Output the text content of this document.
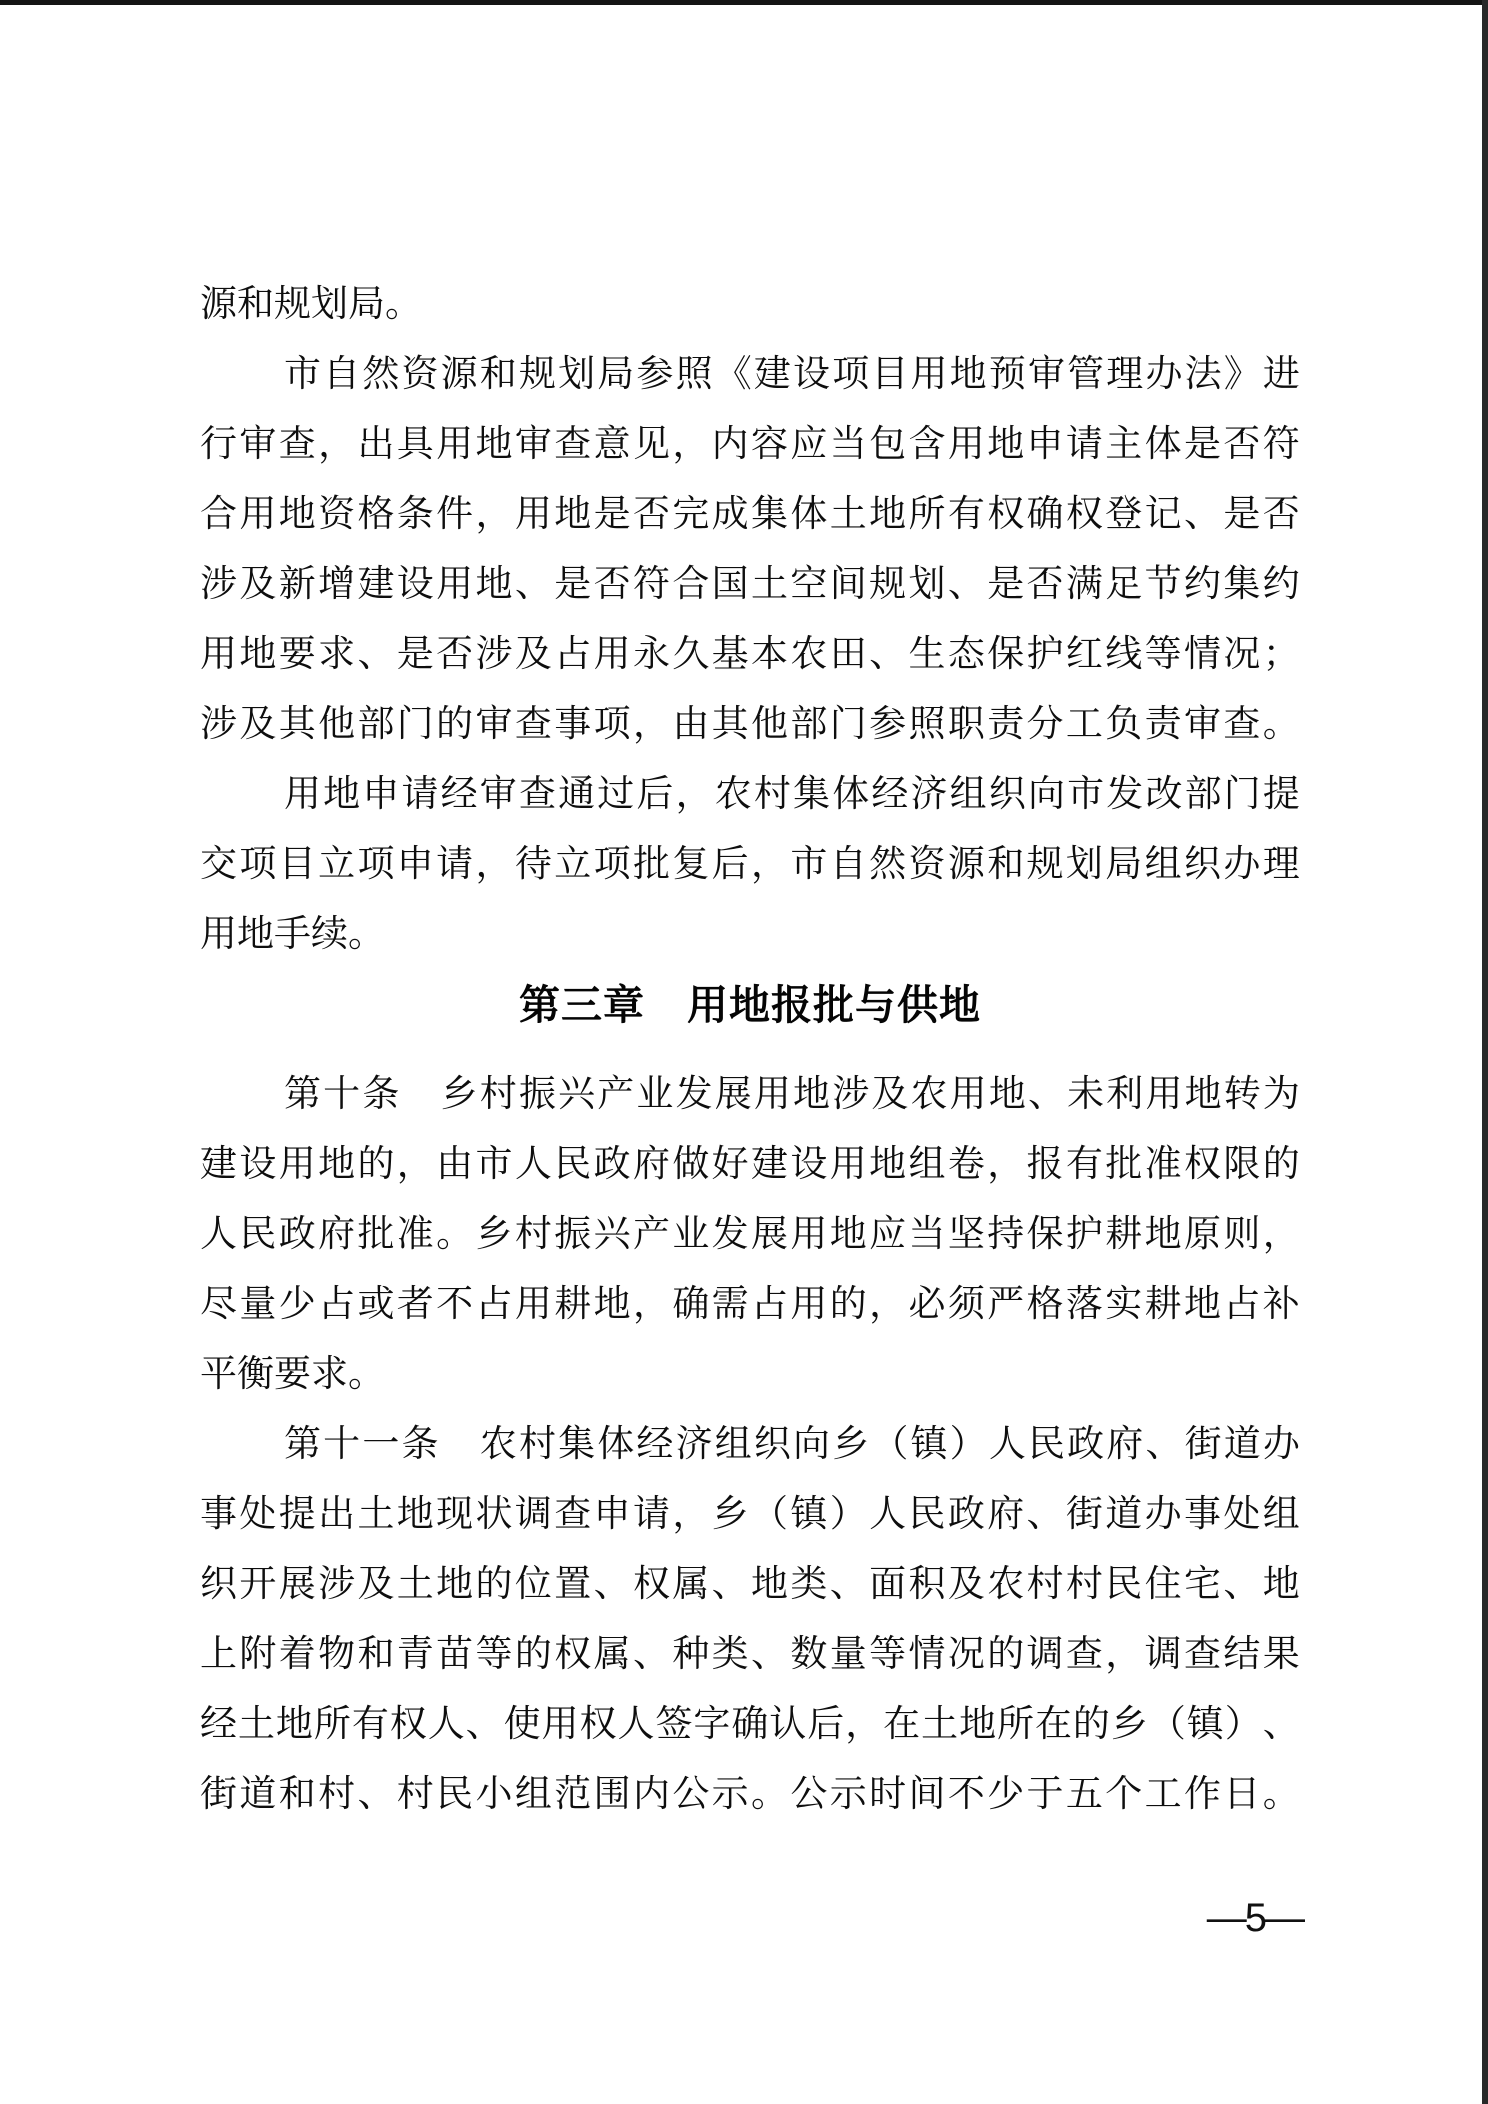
源和规划局。
市 自 然 资 源 和 规 划 局 参 照 《 建 设 项 目 用 地 预 审 管 理 办 法 》 进
行 审 查 ， 出 具 用 地 审 查 意 见 ， 内 容 应 当 包 含 用 地 申 请 主 体 是 否 符
合 用 地 资 格 条 件 ， 用 地 是 否 完 成 集 体 土 地 所 有 权 确 权 登 记 、 是 否
涉 及 新 增 建 设 用 地 、 是 否 符 合 国 土 空 间 规 划 、 是 否 满 足 节 约 集 约
用 地 要 求 、 是 否 涉 及 占 用 永 久 基 本 农 田 、 生 态 保 护 红 线 等 情 况 ；
涉 及 其 他 部 门 的 审 查 事 项 ， 由 其 他 部 门 参 照 职 责 分 工 负 责 审 查 。
用 地 申 请 经 审 查 通 过 后 ， 农 村 集 体 经 济 组 织 向 市 发 改 部 门 提
交 项 目 立 项 申 请 ， 待 立 项 批 复 后 ， 市 自 然 资 源 和 规 划 局 组 织 办 理
用地手续。
第三章　用地报批与供地
第 十 条
　 乡 村 振 兴 产 业 发 展 用 地 涉 及 农 用 地 、 未 利 用 地 转 为
建 设 用 地 的 ， 由 市 人 民 政 府 做 好 建 设 用 地 组 卷 ， 报 有 批 准 权 限 的
人 民 政 府 批 准 。 乡 村 振 兴 产 业 发 展 用 地 应 当 坚 持 保 护 耕 地 原 则 ，
尽 量 少 占 或 者 不 占 用 耕 地 ， 确 需 占 用 的 ， 必 须 严 格 落 实 耕 地 占 补
平衡要求。
第 十 一 条
　 农 村 集 体 经 济 组 织 向 乡 （ 镇 ） 人 民 政 府 、 街 道 办
事 处 提 出 土 地 现 状 调 查 申 请 ， 乡 （ 镇 ） 人 民 政 府 、 街 道 办 事 处 组
织 开 展 涉 及 土 地 的 位 置 、 权 属 、 地 类 、 面 积 及 农 村 村 民 住 宅 、 地
上 附 着 物 和 青 苗 等 的 权 属 、 种 类 、 数 量 等 情 况 的 调 查 ， 调 查 结 果
经 土 地 所 有 权 人 、 使 用 权 人 签 字 确 认 后 ， 在 土 地 所 在 的 乡 （ 镇 ） 、
街 道 和 村 、 村 民 小 组 范 围 内 公 示 。 公 示 时 间 不 少 于 五 个 工 作 日 。
—5—
